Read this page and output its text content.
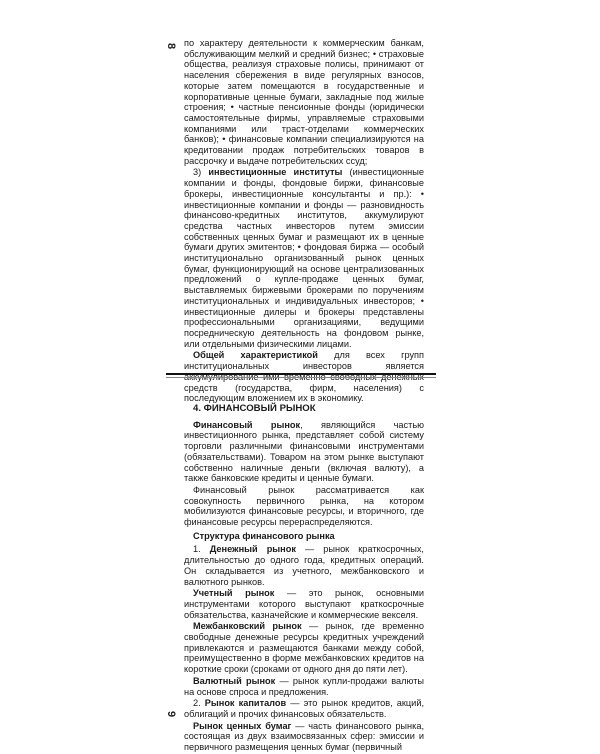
8 по характеру деятельности к коммерческим банкам, обслуживающим мелкий и средний бизнес; • страховые общества, реализуя страховые полисы, принимают от населения сбережения в виде регулярных взносов, которые затем помещаются в государственные и корпоративные ценные бумаги, закладные под жилые строения; • частные пенсионные фонды (юридически самостоятельные фирмы, управляемые страховыми компаниями или траст-отделами коммерческих банков); • финансовые компании специализируются на кредитовании продаж потребительских товаров в рассрочку и выдаче потребительских ссуд;

3) инвестиционные институты (инвестиционные компании и фонды, фондовые биржи, финансовые брокеры, инвестиционные консультанты и пр.): • инвестиционные компании и фонды — разновидность финансово-кредитных институтов, аккумулируют средства частных инвесторов путем эмиссии собственных ценных бумаг и размещают их в ценные бумаги других эмитентов; • фондовая биржа — особый институционально организованный рынок ценных бумаг, функционирующий на основе централизованных предложений о купле-продаже ценных бумаг, выставляемых биржевыми брокерами по поручениям институциональных и индивидуальных инвесторов; • инвестиционные дилеры и брокеры представлены профессиональными организациями, ведущими посредническую деятельность на фондовом рынке, или отдельными физическими лицами.

Общей характеристикой для всех групп институциональных инвесторов является аккумулирование ими временно свободных денежных средств (государства, фирм, населения) с последующим вложением их в экономику.

9
4. ФИНАНСОВЫЙ РЫНОК

Финансовый рынок, являющийся частью инвестиционного рынка, представляет собой систему торговли различными финансовыми инструментами (обязательствами). Товаром на этом рынке выступают собственно наличные деньги (включая валюту), а также банковские кредиты и ценные бумаги.

Финансовый рынок рассматривается как совокупность первичного рынка, на котором мобилизуются финансовые ресурсы, и вторичного, где финансовые ресурсы перераспределяются.

Структура финансового рынка

1. Денежный рынок — рынок краткосрочных, длительностью до одного года, кредитных операций. Он складывается из учетного, межбанковского и валютного рынков.

Учетный рынок — это рынок, основными инструментами которого выступают краткосрочные обязательства, казначейские и коммерческие векселя.

Межбанковский рынок — рынок, где временно свободные денежные ресурсы кредитных учреждений привлекаются и размещаются банками между собой, преимущественно в форме межбанковских кредитов на короткие сроки (сроками от одного дня до пяти лет).

Валютный рынок — рынок купли-продажи валюты на основе спроса и предложения.

2. Рынок капиталов — это рынок кредитов, акций, облигаций и прочих финансовых обязательств.

Рынок ценных бумаг — часть финансового рынка, состоящая из двух взаимосвязанных сфер: эмиссии и первичного размещения ценных бумаг (первичный
